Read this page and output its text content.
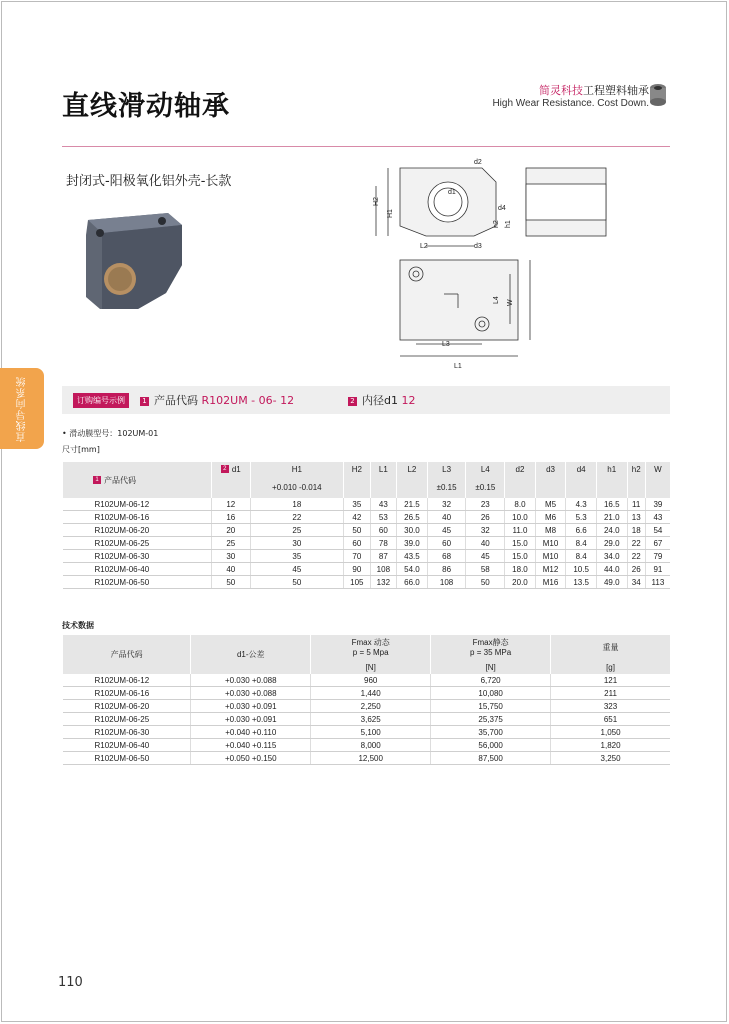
直线滑动轴承
简灵科技工程塑料轴承
High Wear Resistance. Cost Down.
封闭式-阳极氧化铝外壳-长款
d2
d1
H2
H1
h2
d4
h1
L2	d3
L4 W
L3
L1
直线导向系统	订购编号示例	1 产品代码 R102UM - 06- 12	2 内径d1 12
• 滑动膜型号：102UM-01
尺寸[mm]
1 产品代码	2 d1	H1	H2	L1	L2	L3	L4	d2	d3	d4	h1	h2	W
		+0.010 -0.014				±0.15	±0.15						
R102UM-06-12	12	18	35	43	21.5	32	23	8.0	M5	4.3	16.5	11	39
R102UM-06-16	16	22	42	53	26.5	40	26	10.0	M6	5.3	21.0	13	43
R102UM-06-20	20	25	50	60	30.0	45	32	11.0	M8	6.6	24.0	18	54
R102UM-06-25	25	30	60	78	39.0	60	40	15.0	M10	8.4	29.0	22	67
R102UM-06-30	30	35	70	87	43.5	68	45	15.0	M10	8.4	34.0	22	79
R102UM-06-40	40	45	90	108	54.0	86	58	18.0	M12	10.5	44.0	26	91
R102UM-06-50	50	50	105	132	66.0	108	50	20.0	M16	13.5	49.0	34	113
技术数据
产品代码	d1-公差	Fmax 动态
p = 5 Mpa	Fmax静态
p = 35 MPa	重量
		[N]	[N]	[g]
R102UM-06-12	+0.030 +0.088	960	6,720	121
R102UM-06-16	+0.030 +0.088	1,440	10,080	211
R102UM-06-20	+0.030 +0.091	2,250	15,750	323
R102UM-06-25	+0.030 +0.091	3,625	25,375	651
R102UM-06-30	+0.040 +0.110	5,100	35,700	1,050
R102UM-06-40	+0.040 +0.115	8,000	56,000	1,820
R102UM-06-50	+0.050 +0.150	12,500	87,500	3,250
110
